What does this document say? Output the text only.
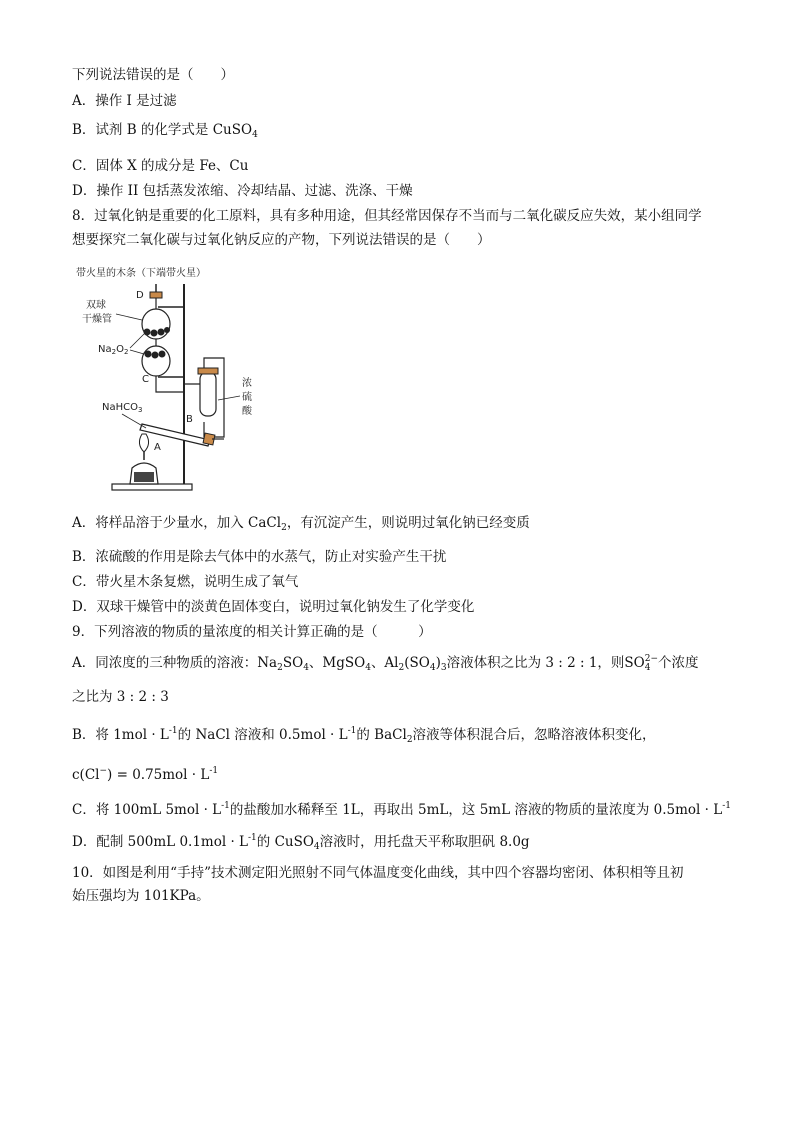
下列说法错误的是（　　）
A．操作 I 是过滤
B．试剂 B 的化学式是 CuSO$_4$
C．固体 X 的成分是 Fe、Cu
D．操作 II 包括蒸发浓缩、冷却结晶、过滤、洗涤、干燥
8．过氧化钠是重要的化工原料，具有多种用途，但其经常因保存不当而与二氧化碳反应失效，某小组同学
想要探究二氧化碳与过氧化钠反应的产物，下列说法错误的是（　　）
带火星的木条（下端带火星）
D
双球
干燥管
$Na_2O_2$
C	浓
硫
酸
B
NaHCO$_3$
A
A．将样品溶于少量水，加入 CaCl$_2$，有沉淀产生，则说明过氧化钠已经变质
B．浓硫酸的作用是除去气体中的水蒸气，防止对实验产生干扰
C．带火星木条复燃，说明生成了氧气
D．双球干燥管中的淡黄色固体变白，说明过氧化钠发生了化学变化
9．下列溶液的物质的量浓度的相关计算正确的是（　　　）
A．同浓度的三种物质的溶液：$Na_2SO_4$、MgSO$_4$、$Al_2(SO_4)_3$溶液体积之比为 3 : 2 : 1，则SO 2−
4 个浓度
之比为 3 : 2 : 3
B．将 $1mol \cdot L^{-1}$的 NaCl 溶液和 $0.5mol \cdot L^{-1}$的 BaCl$_2$溶液等体积混合后，忽略溶液体积变化，
$c(Cl^-) = 0.75mol \cdot L^{-1}$
C．将 100mL $5mol \cdot L^{-1}$的盐酸加水稀释至 1L，再取出 5mL，这 5mL 溶液的物质的量浓度为 $0.5mol \cdot L^{-1}$
D．配制 500mL $0.1mol \cdot L^{-1}$的 CuSO$_4$溶液时，用托盘天平称取胆矾 8.0g
10．如图是利用“手持”技术测定阳光照射不同气体温度变化曲线，其中四个容器均密闭、体积相等且初
始压强均为 101KPa。
